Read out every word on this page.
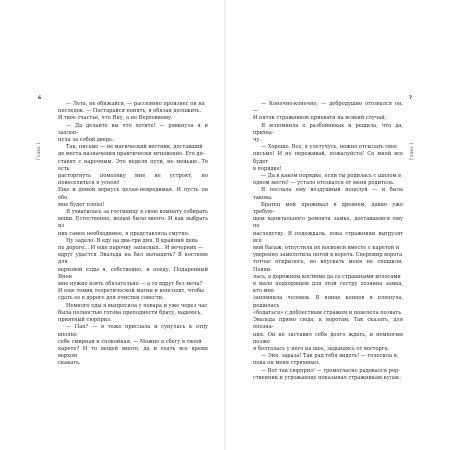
6
Глава 1

— Лета, не обижайся, — рассеянно произнес он на
последок. — Постарайся понять, я обязан доложить.
И твое счастье, что Яну, а не Верховному.

— Да делайте вы что хотите! — рявкнула я и захлоп-
нула за собой дверь.

Так, письмо — не магический вестник, доставший
до места назначения практически мгновенно. Его до-
ставят с нарочным. Это неделя пути, не меньше. То есть
расторгнуть помолвку мне не устроят, но повеселиться я успею!
Еще и домой вернусь целая-невредимая. И пусть он обо
мне будет плохо!

Я ухватилась за гостиницу в свою комнату собирать
вещи. Естественно, вещей было много. И как выбрать из
них самое необходимое, я представляла смутно.

Ну задело. В еду на два-три дня. В крайний день
по дороге... И еще парочку запасных... И вечерних —
вдруг удастся Эвальда на бал вытащить? В костюме для
верховой езды я, собственно, и поеду. Подаренный Янон
мне нужно взять обязательно — а то вдруг без меча?
И еще томик теоретической магии и конспект, чтобы
сдать ее в дороге для очистки совести.

Немного еды я выпросила у повара и уже через час
была полностью готова преподнести брату, надеюсь,
приятный сюрприз.

— Пап? — я тоже прислала и сунулась к отцу вполне
себе смирная и спокойная. — Можно я сбегу в твоей
карете? И то вещей много, да и ехать все время верхом
скакать.

7
Глава 1

— Конечно-конечно, — добродушно отозвался он. —
И пяток стражников прихвати на всякий случай.

Я вспомнила о разбойниках и решила, что да, прихва-
чу.

— Хорошо. Все, я улетучусь, нежно отсылать свое
письмо! И не переживай, пожалуйста! Со мной все будет
в порядке!

— Да в каком порядке, если ты родилась с шилом в
одном месте! — устало отозвался от меня родитель.

Я послала ему воздушный поцелуй — и была такова.

Братец мой проживал в древнем, давно уже требую-
щем капитального ремонта замке, доставшемся ему по
наследству. Я подождала, пока стражники выгрузят все
мой багаж, отпустила их восвояси вместе с каретой и
уверенно замолотила ногой в ворота. Сверхмир ворота
тотчас открылось, но впускать меня не спешили. Появи-
лась, в дорожном костюме да со страшными волосами
в мало подходящем для этой сестру хозяина замка, кто мне
запомнила человек. В конце концов я плюнула, решилась
«бодаться» с доблестным стражем и повелела позвать
Эвальда прямо сюда, к воротам. Так сказать, для опозна-
ния. Он не заставил себя долго ждать, и немногим позже
я болталась у него на шее, задыхаясь от восторга.

— Эйя, зараза! Так рад тебя видеть! — голосила я,
пока он меня стряхивал.

— Вот так сюрприз! — громогласно радовался род-
ственник и угрожающе показывал стражникам кулак:
